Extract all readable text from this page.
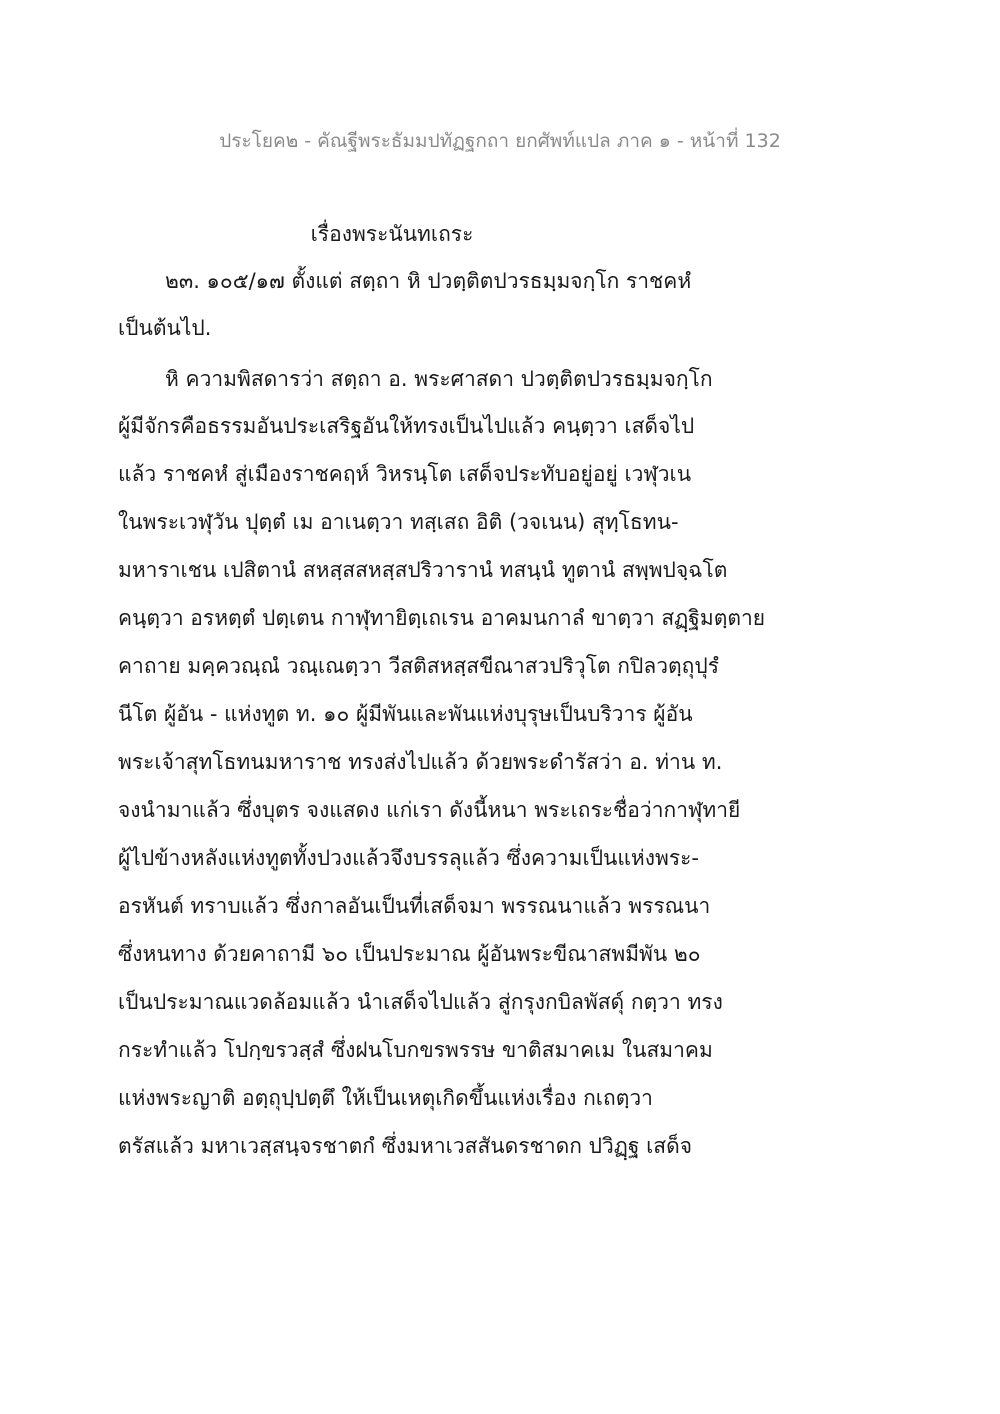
ประโยค๒ - คัณฐีพระธัมมปทัฏฐกถา ยกศัพท์แปล ภาค ๑ - หน้าที่ 132
เรื่องพระนันทเถระ
๒๓. ๑๐๕/๑๗ ตั้งแต่ สตฺถา หิ ปวตฺติตปวรธมฺมจกฺโก ราชคหํ
เป็นต้นไป.
หิ ความพิสดารว่า สตฺถา อ. พระศาสดา ปวตฺติตปวรธมฺมจกฺโก
ผู้มีจักรคือธรรมอันประเสริฐอันให้ทรงเป็นไปแล้ว คนฺตฺวา เสด็จไป
แล้ว ราชคหํ สู่เมืองราชคฤห์ วิหรนฺโต เสด็จประทับอยู่อยู่ เวฬุวเน
ในพระเวฬุวัน ปุตฺตํ เม อาเนตฺวา ทสฺเสถ อิติ (วจเนน) สุทฺโธทน-
มหาราเชน เปสิตานํ สหสฺสสหสฺสปริวารานํ ทสนฺนํ ทูตานํ สพฺพปจฺฉโต
คนฺตฺวา อรหตฺตํ ปตฺเตน กาฬุทายิตฺเถเรน อาคมนกาลํ ขาตฺวา สฏฺฐิมตฺตาย
คาถาย มคฺควณฺณํ วณฺเณตฺวา วีสติสหสฺสขีณาสวปริวุโต กปิลวตฺถุปุรํ
นีโต ผู้อัน - แห่งทูต ท. ๑๐ ผู้มีพันและพันแห่งบุรุษเป็นบริวาร ผู้อัน
พระเจ้าสุทโธทนมหาราช ทรงส่งไปแล้ว ด้วยพระดำรัสว่า อ. ท่าน ท.
จงนำมาแล้ว ซึ่งบุตร จงแสดง แก่เรา ดังนี้หนา พระเถระชื่อว่ากาฬุทายี
ผู้ไปข้างหลังแห่งทูตทั้งปวงแล้วจึงบรรลุแล้ว ซึ่งความเป็นแห่งพระ-
อรหันต์ ทราบแล้ว ซึ่งกาลอันเป็นที่เสด็จมา พรรณนาแล้ว พรรณนา
ซึ่งหนทาง ด้วยคาถามี ๖๐ เป็นประมาณ ผู้อันพระขีณาสพมีพัน ๒๐
เป็นประมาณแวดล้อมแล้ว นำเสด็จไปแล้ว สู่กรุงกบิลพัสดุ์ กตฺวา ทรง
กระทำแล้ว โปกฺขรวสฺสํ ซึ่งฝนโบกขรพรรษ ขาติสมาคเม ในสมาคม
แห่งพระญาติ อตฺถุปฺปตฺตึ ให้เป็นเหตุเกิดขึ้นแห่งเรื่อง กเถตฺวา
ตรัสแล้ว มหาเวสฺสนฺจรชาตกํ ซึ่งมหาเวสสันดรชาดก ปวิฏฺฐ เสด็จ
